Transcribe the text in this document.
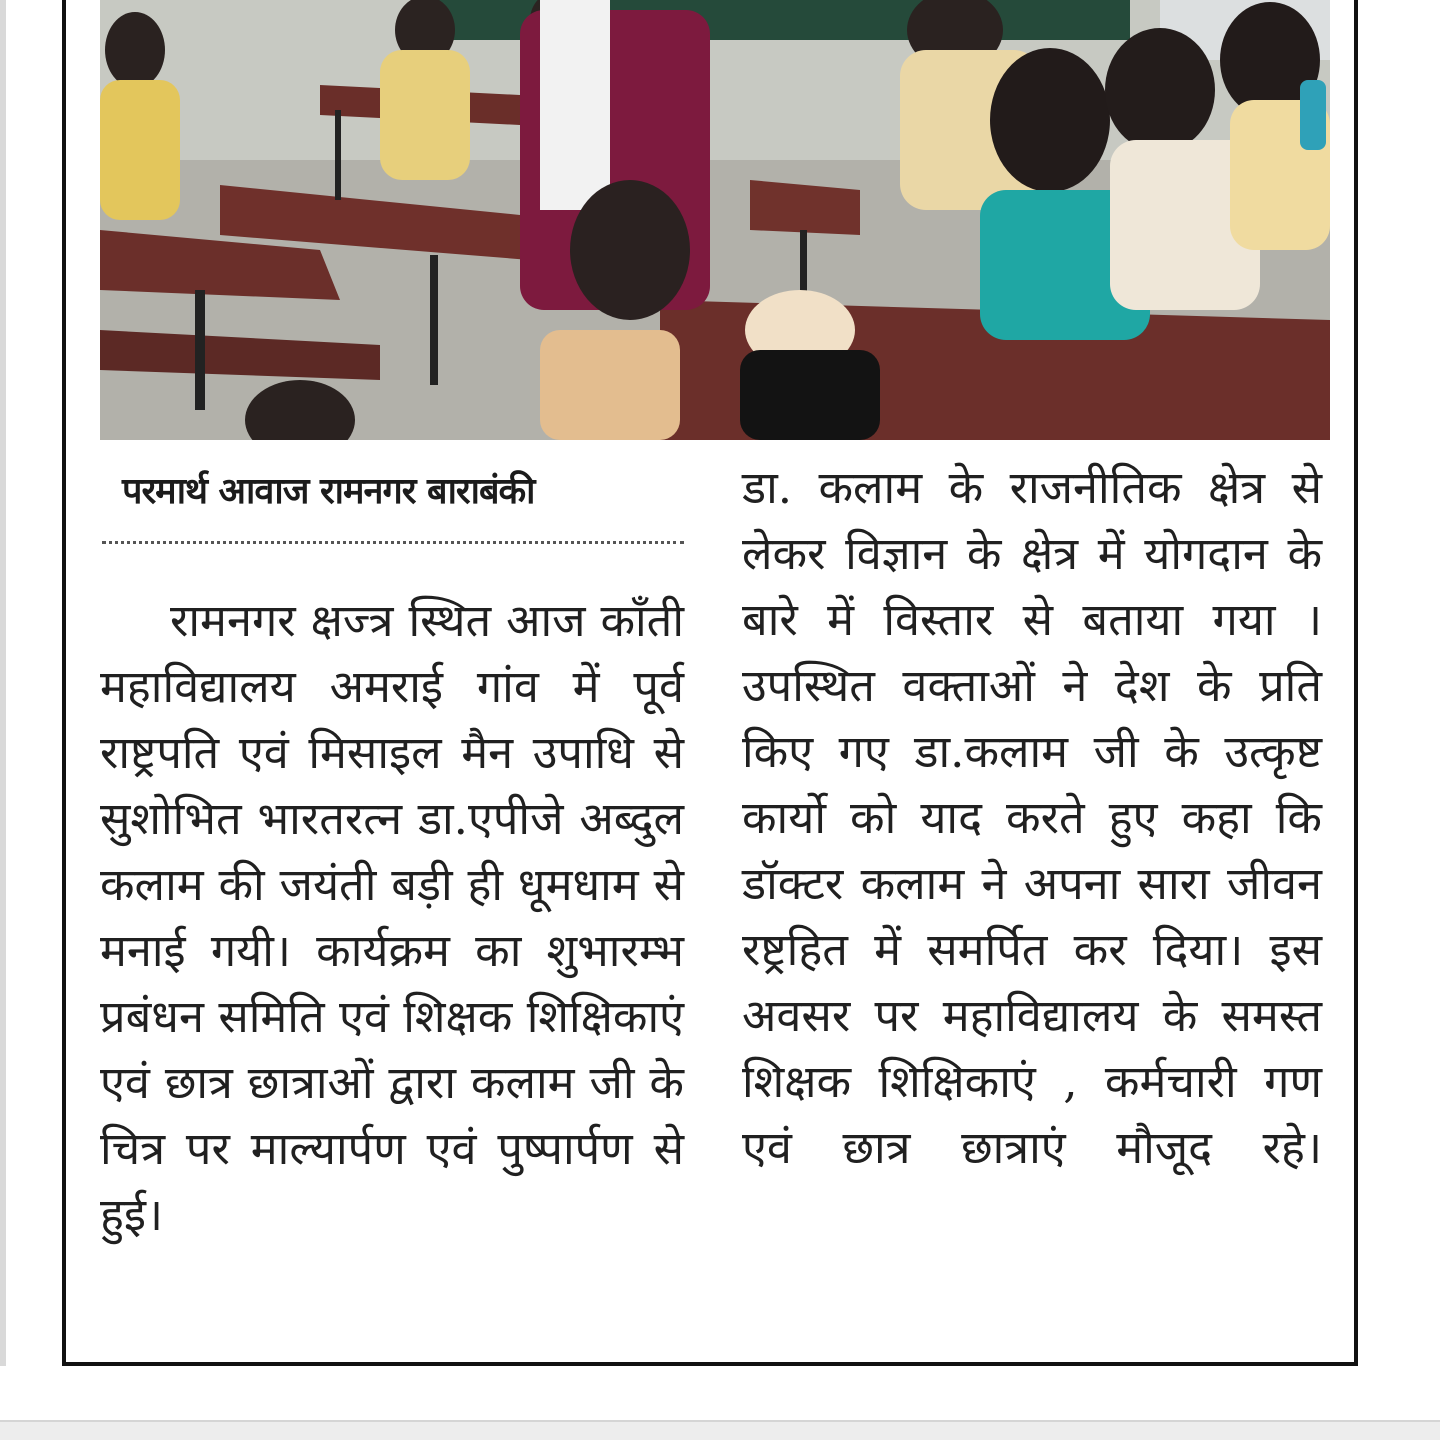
परमार्थ आवाज रामनगर बाराबंकी
रामनगर क्षज्त्र स्थित आज काँती महाविद्यालय अमराई गांव में पूर्व राष्ट्रपति एवं मिसाइल मैन उपाधि से सुशोभित भारतरत्न डा.एपीजे अब्दुल कलाम की जयंती बड़ी ही धूमधाम से मनाई गयी। कार्यक्रम का शुभारम्भ प्रबंधन समिति एवं शिक्षक शिक्षिकाएं एवं छात्र छात्राओं द्वारा कलाम जी के चित्र पर माल्यार्पण एवं पुष्पार्पण से हुई।
डा. कलाम के राजनीतिक क्षेत्र से लेकर विज्ञान के क्षेत्र में योगदान के बारे में विस्तार से बताया गया । उपस्थित वक्ताओं ने देश के प्रति किए गए डा.कलाम जी के उत्कृष्ट कार्यो को याद करते हुए कहा कि डॉक्टर कलाम ने अपना सारा जीवन रष्ट्रहित में समर्पित कर दिया। इस अवसर पर महाविद्यालय के समस्त शिक्षक शिक्षिकाएं , कर्मचारी गण एवं छात्र छात्राएं मौजूद रहे।
